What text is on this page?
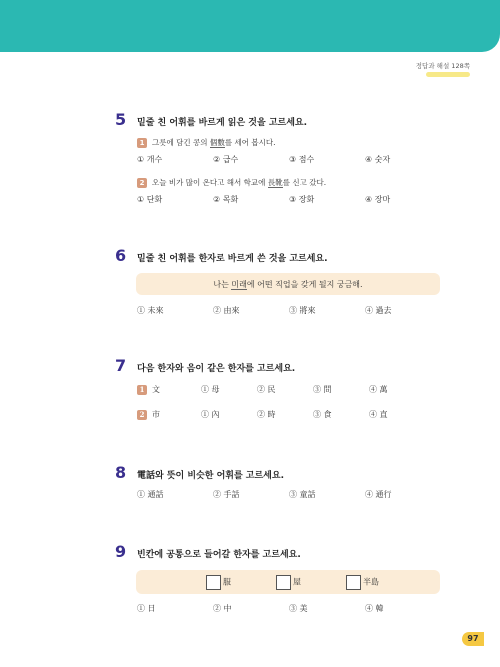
정답과 해설 128쪽
5 밑줄 친 어휘를 바르게 읽은 것을 고르세요.
1 그릇에 담긴 콩의 個數를 세어 봅시다.
① 개수	② 급수	③ 점수	④ 숫자
2 오늘 비가 많이 온다고 해서 학교에 長靴를 신고 갔다.
① 단화	② 목화	③ 장화	④ 장마
6 밑줄 친 어휘를 한자로 바르게 쓴 것을 고르세요.
나는 미래에 어떤 직업을 갖게 될지 궁금해.
① 未來	② 由來	③ 將來	④ 過去
7 다음 한자와 음이 같은 한자를 고르세요.
1 文	① 母	② 民	③ 問	④ 萬
2 市	① 內	② 時	③ 食	④ 直
8 電話와 뜻이 비슷한 어휘를 고르세요.
① 通話	② 手話	③ 童話	④ 通行
9 빈칸에 공통으로 들어갈 한자를 고르세요.
服	屋	半島
① 日	② 中	③ 美	④ 韓
97
